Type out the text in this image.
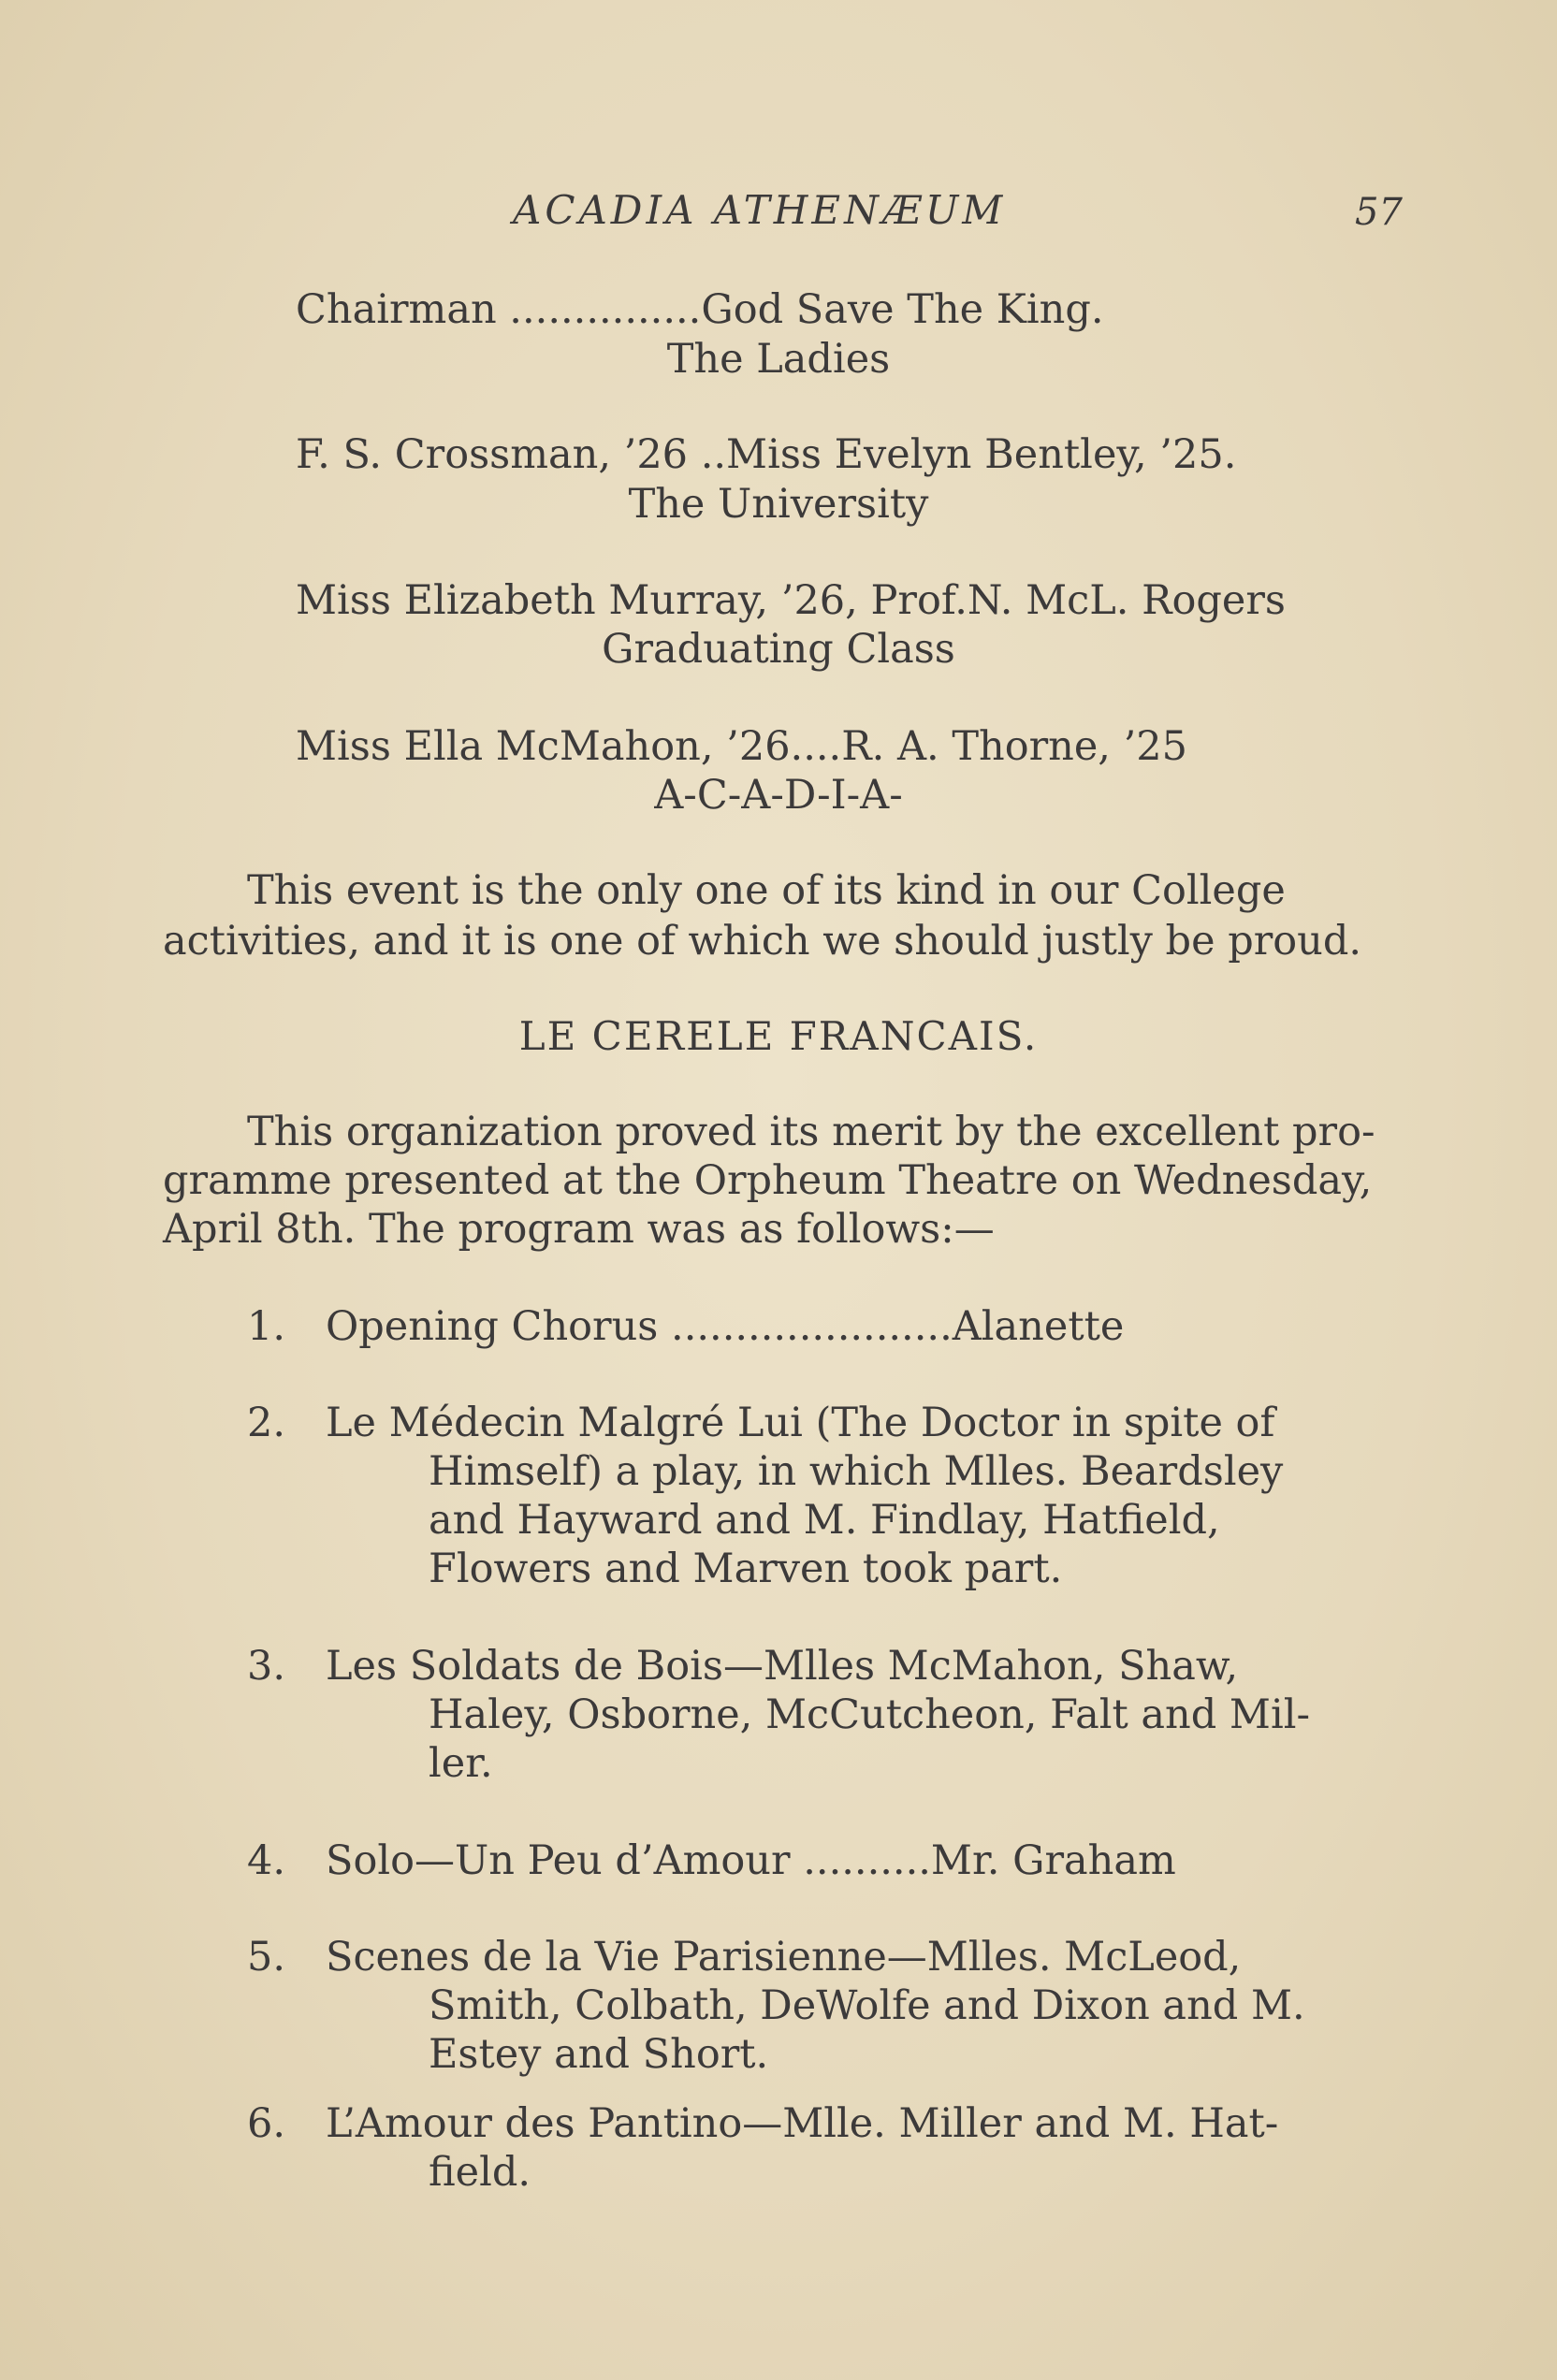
ACADIA ATHENÆUM	57
Chairman ...............God Save The King.
The Ladies
F. S. Crossman, ’26 ..Miss Evelyn Bentley, ’25.
The University
Miss Elizabeth Murray, ’26, Prof.N. McL. Rogers
Graduating Class
Miss Ella McMahon, ’26....R. A. Thorne, ’25
A-C-A-D-I-A-
This event is the only one of its kind in our College
activities, and it is one of which we should justly be proud.
LE CERELE FRANCAIS.
This organization proved its merit by the excellent pro-
gramme presented at the Orpheum Theatre on Wednesday,
April 8th. The program was as follows:—
1. Opening Chorus ......................Alanette
2. Le Médecin Malgré Lui (The Doctor in spite of
Himself) a play, in which Mlles. Beardsley
and Hayward and M. Findlay, Hatfield,
Flowers and Marven took part.
3. Les Soldats de Bois—Mlles McMahon, Shaw,
Haley, Osborne, McCutcheon, Falt and Mil-
ler.
4. Solo—Un Peu d’Amour ..........Mr. Graham
5. Scenes de la Vie Parisienne—Mlles. McLeod,
Smith, Colbath, DeWolfe and Dixon and M.
Estey and Short.
6. L’Amour des Pantino—Mlle. Miller and M. Hat-
field.
